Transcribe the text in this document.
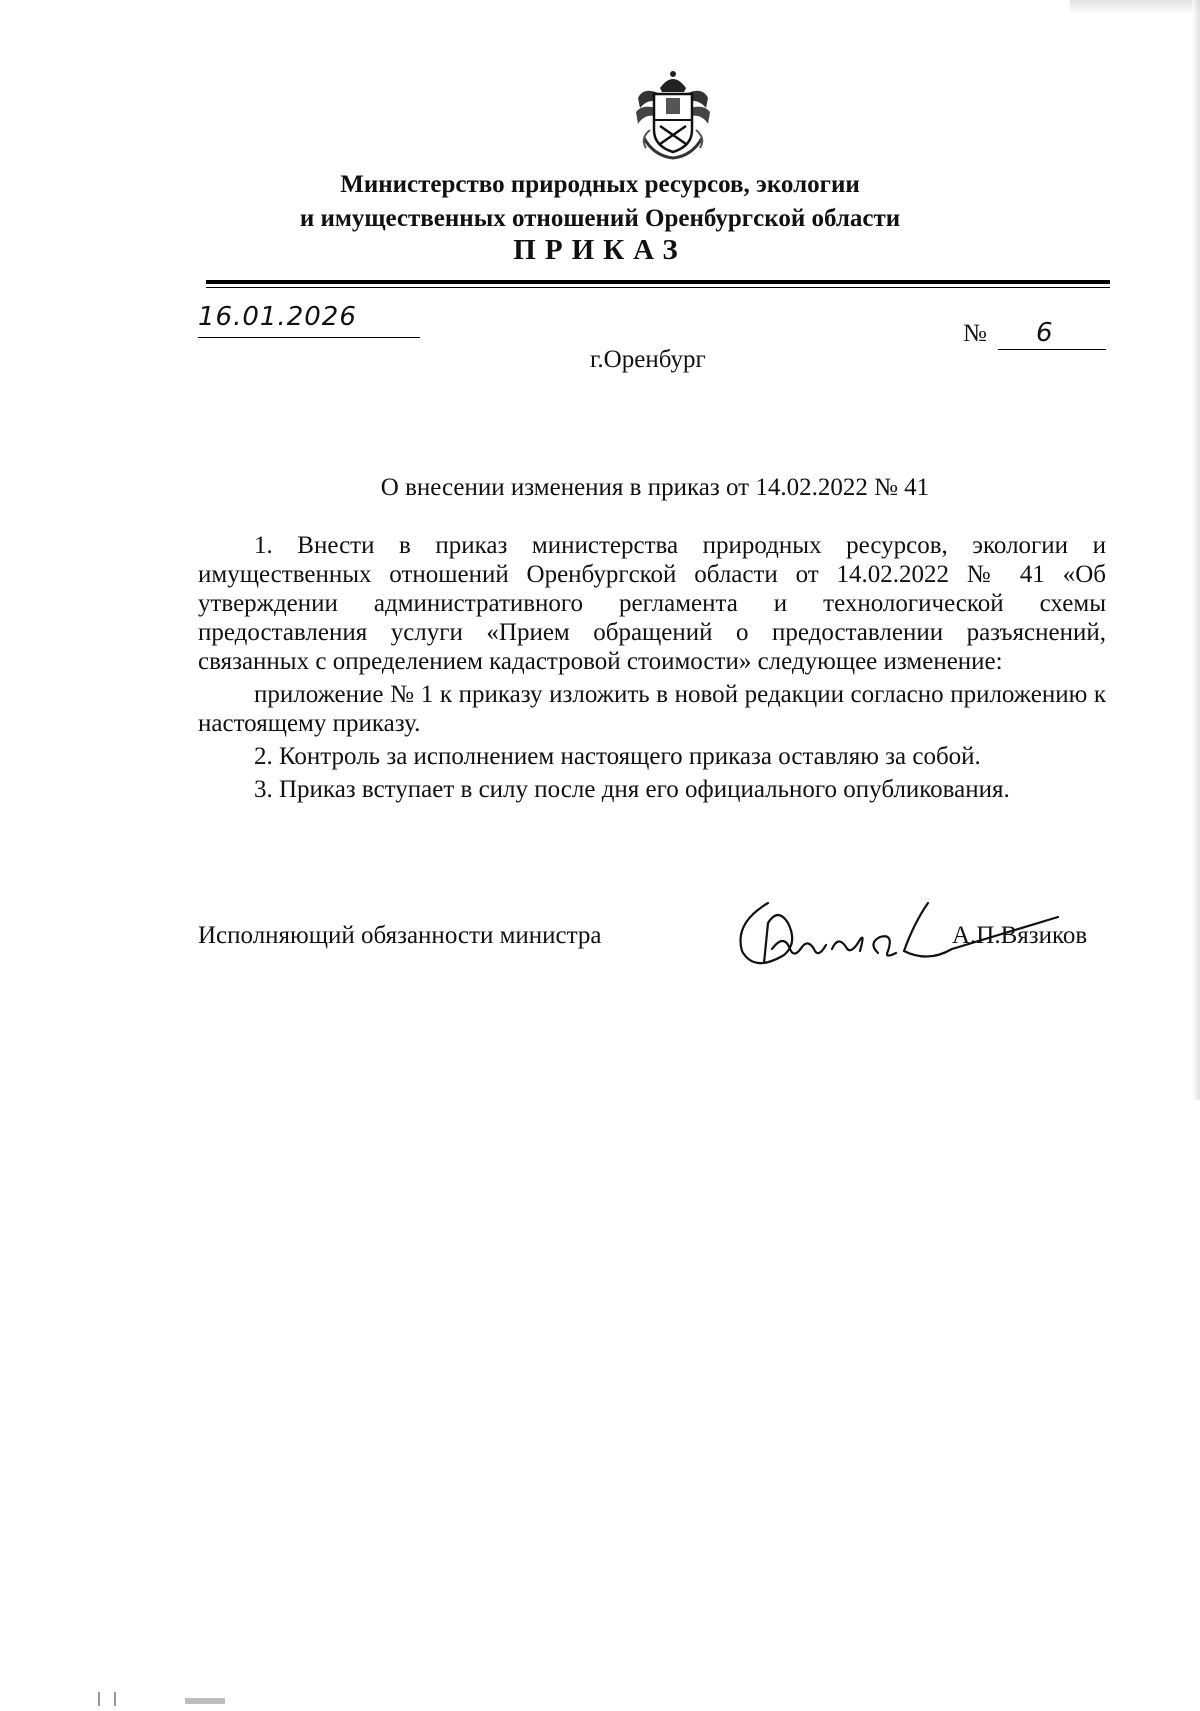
Министерство природных ресурсов, экологии
и имущественных отношений Оренбургской области
ПРИКАЗ
16.01.2026
№ 6
г.Оренбург
О внесении изменения в приказ от 14.02.2022 № 41

1. Внести в приказ министерства природных ресурсов, экологии и имущественных отношений Оренбургской области от 14.02.2022 № 41 «Об утверждении административного регламента и технологической схемы предоставления услуги «Прием обращений о предоставлении разъяснений, связанных с определением кадастровой стоимости» следующее изменение:

приложение № 1 к приказу изложить в новой редакции согласно приложению к настоящему приказу.

2. Контроль за исполнением настоящего приказа оставляю за собой.

3. Приказ вступает в силу после дня его официального опубликования.

Исполняющий обязанности министра	А.П.Вязиков
